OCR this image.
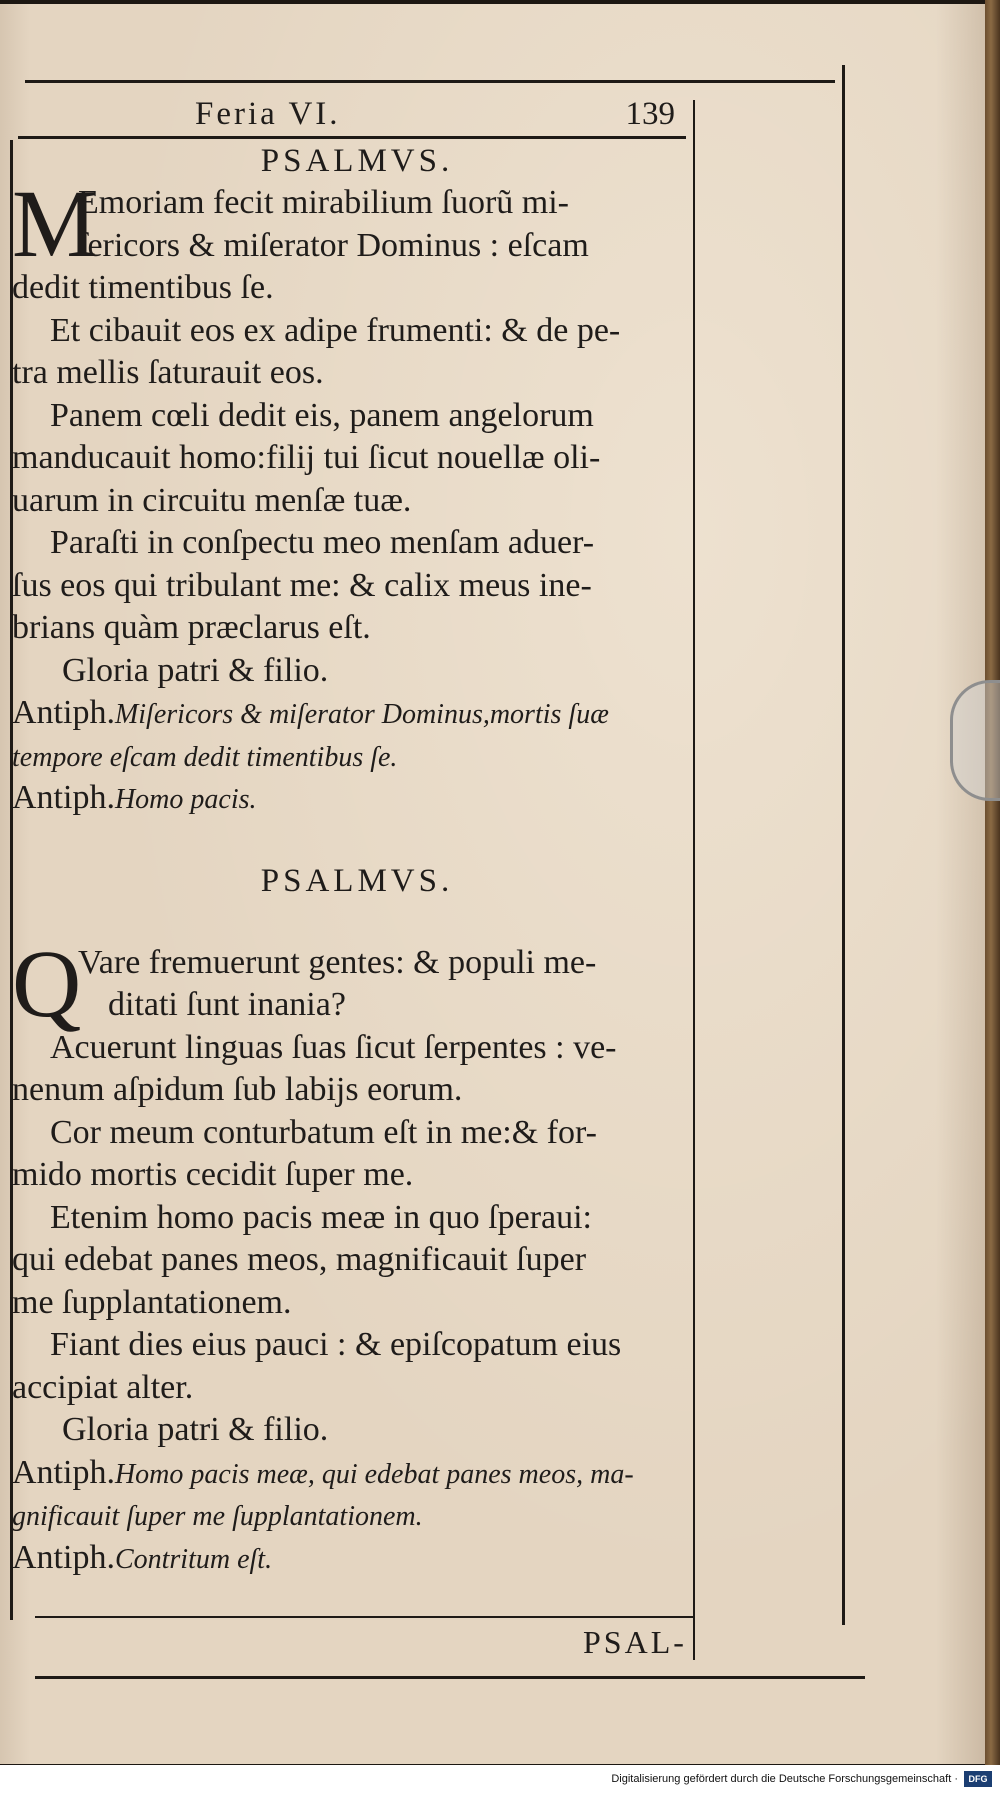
Feria VI.	139
PSALMVS.
M
Emoriam fecit mirabilium ſuorũ mi-
ſericors & miſerator Dominus : eſcam
dedit timentibus ſe.
Et cibauit eos ex adipe frumenti: & de pe-
tra mellis ſaturauit eos.
Panem cœli dedit eis, panem angelorum
manducauit homo:filij tui ſicut nouellæ oli-
uarum in circuitu menſæ tuæ.
Paraſti in conſpectu meo menſam aduer-
ſus eos qui tribulant me: & calix meus ine-
brians quàm præclarus eſt.
Gloria patri & filio.
Antiph.Miſericors & miſerator Dominus,mortis ſuæ
tempore eſcam dedit timentibus ſe.
Antiph.Homo pacis.
PSALMVS.
Q
Vare fremuerunt gentes: & populi me-
ditati ſunt inania?
Acuerunt linguas ſuas ſicut ſerpentes : ve-
nenum aſpidum ſub labijs eorum.
Cor meum conturbatum eſt in me:& for-
mido mortis cecidit ſuper me.
Etenim homo pacis meæ in quo ſperaui:
qui edebat panes meos, magnificauit ſuper
me ſupplantationem.
Fiant dies eius pauci : & epiſcopatum eius
accipiat alter.
Gloria patri & filio.
Antiph.Homo pacis meæ, qui edebat panes meos, ma-
gnificauit ſuper me ſupplantationem.
Antiph.Contritum eſt.
PSAL-
Digitalisierung gefördert durch die Deutsche Forschungsgemeinschaft ·	DFG
